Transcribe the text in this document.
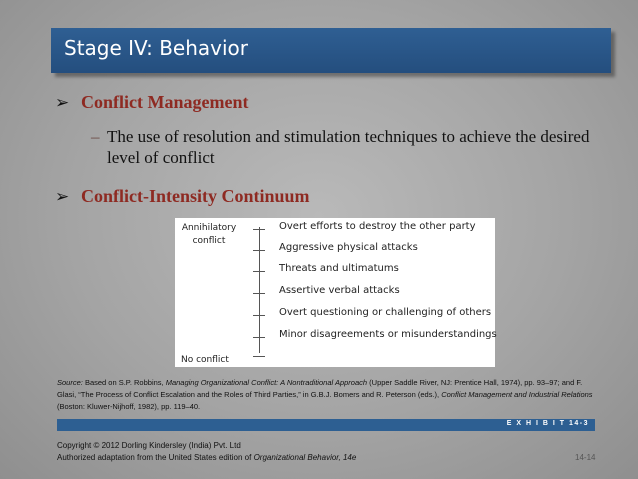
Stage IV: Behavior
➢ Conflict Management
– The use of resolution and stimulation techniques to achieve the desired level of conflict
➢ Conflict-Intensity Continuum
Annihilatory conflict
No conflict
Overt efforts to destroy the other party
Aggressive physical attacks
Threats and ultimatums
Assertive verbal attacks
Overt questioning or challenging of others
Minor disagreements or misunderstandings
Source: Based on S.P. Robbins, Managing Organizational Conflict: A Nontraditional Approach (Upper Saddle River, NJ: Prentice Hall, 1974), pp. 93–97; and F. Glasi, “The Process of Conflict Escalation and the Roles of Third Parties,” in G.B.J. Bomers and R. Peterson (eds.), Conflict Management and Industrial Relations (Boston: Kluwer-Nijhoff, 1982), pp. 119–40.
E X H I B I T 14-3
Copyright © 2012 Dorling Kindersley (India) Pvt. Ltd
Authorized adaptation from the United States edition of Organizational Behavior, 14e	14-14
